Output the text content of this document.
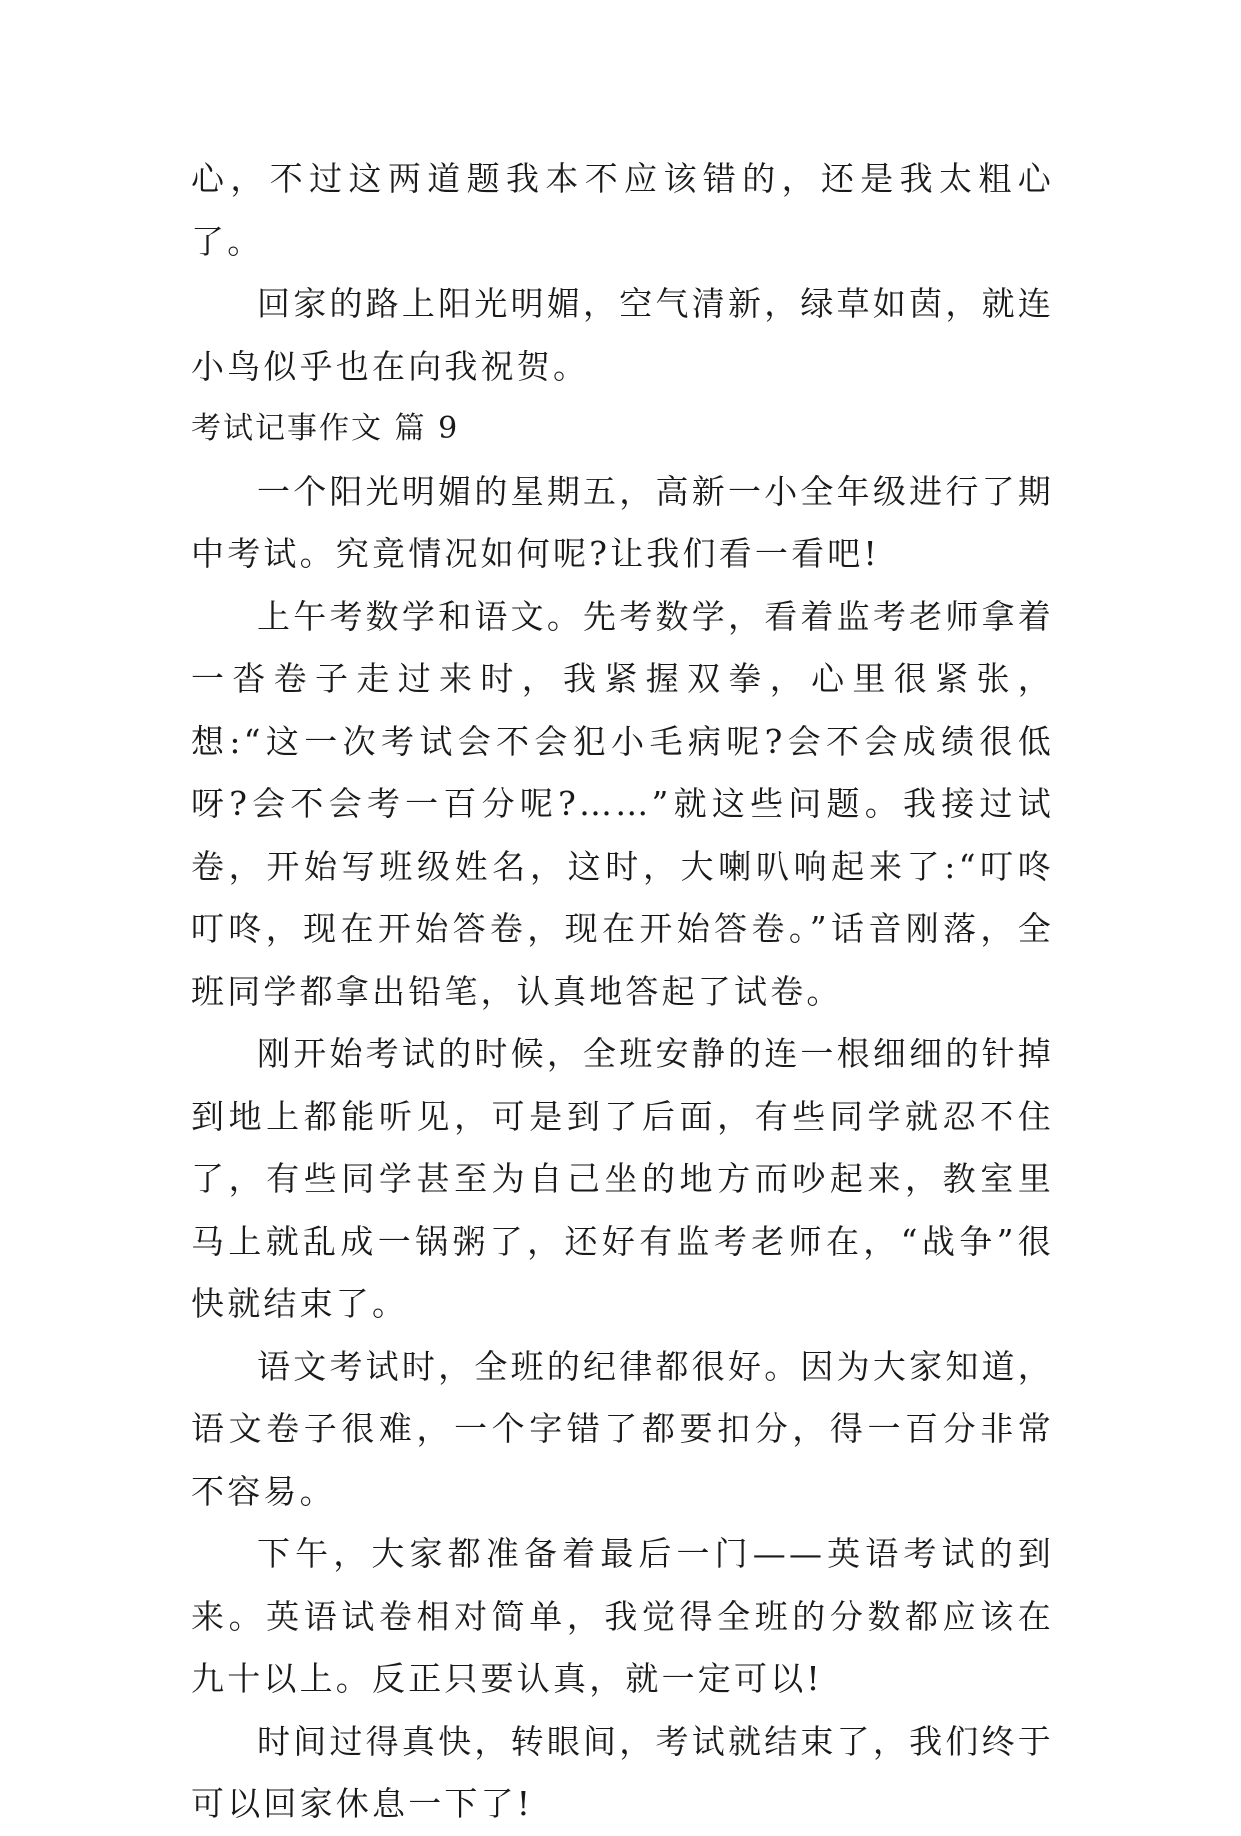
心，不过这两道题我本不应该错的，还是我太粗心了。

回家的路上阳光明媚，空气清新，绿草如茵，就连小鸟似乎也在向我祝贺。

考试记事作文 篇 9

一个阳光明媚的星期五，高新一小全年级进行了期中考试。究竟情况如何呢?让我们看一看吧!

上午考数学和语文。先考数学，看着监考老师拿着一沓卷子走过来时，我紧握双拳，心里很紧张，想:“这一次考试会不会犯小毛病呢?会不会成绩很低呀?会不会考一百分呢?……”就这些问题。我接过试卷，开始写班级姓名，这时，大喇叭响起来了:“叮咚叮咚，现在开始答卷，现在开始答卷。”话音刚落，全班同学都拿出铅笔，认真地答起了试卷。

刚开始考试的时候，全班安静的连一根细细的针掉到地上都能听见，可是到了后面，有些同学就忍不住了，有些同学甚至为自己坐的地方而吵起来，教室里马上就乱成一锅粥了，还好有监考老师在，“战争”很快就结束了。

语文考试时，全班的纪律都很好。因为大家知道，语文卷子很难，一个字错了都要扣分，得一百分非常不容易。

下午，大家都准备着最后一门——英语考试的到来。英语试卷相对简单，我觉得全班的分数都应该在九十以上。反正只要认真，就一定可以!

时间过得真快，转眼间，考试就结束了，我们终于可以回家休息一下了!
